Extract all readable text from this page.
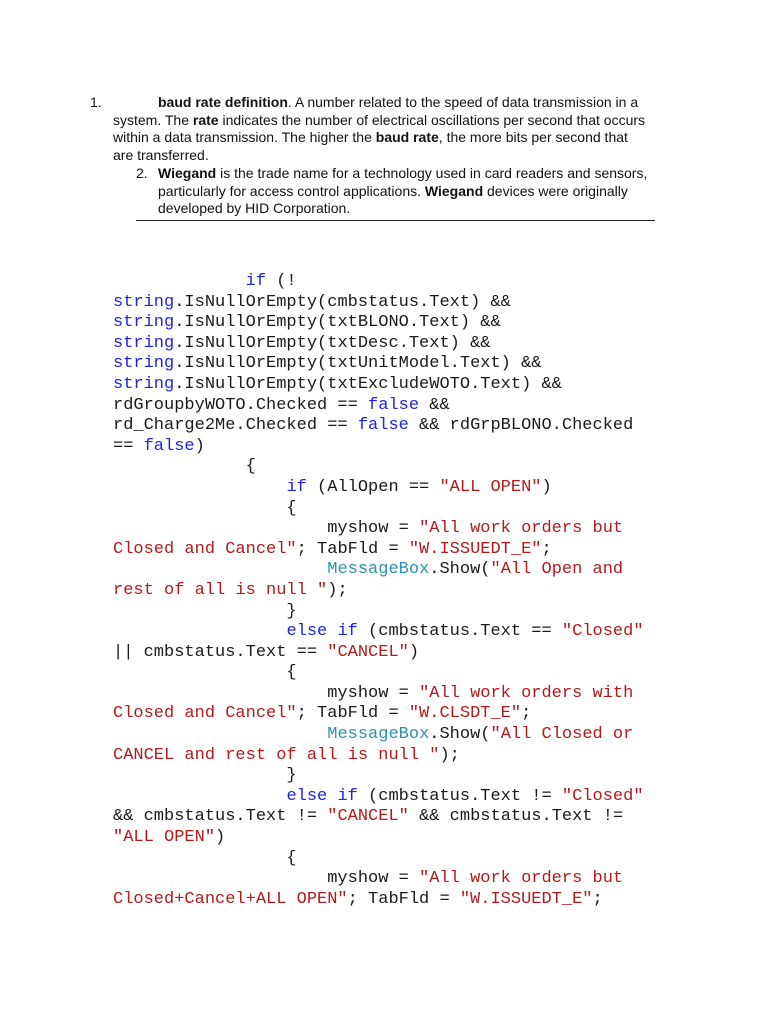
1.	baud rate definition. A number related to the speed of data transmission in a system. The rate indicates the number of electrical oscillations per second that occurs within a data transmission. The higher the baud rate, the more bits per second that are transferred.
2. Wiegand is the trade name for a technology used in card readers and sensors, particularly for access control applications. Wiegand devices were originally developed by HID Corporation.
if (!
string.IsNullOrEmpty(cmbstatus.Text) &&
string.IsNullOrEmpty(txtBLONO.Text) &&
string.IsNullOrEmpty(txtDesc.Text) &&
string.IsNullOrEmpty(txtUnitModel.Text) &&
string.IsNullOrEmpty(txtExcludeWOTO.Text) &&
rdGroupbyWOTO.Checked == false &&
rd_Charge2Me.Checked == false && rdGrpBLONO.Checked
== false)
{
if (AllOpen == "ALL OPEN")
{
myshow = "All work orders but
Closed and Cancel"; TabFld = "W.ISSUEDT_E";
MessageBox.Show("All Open and
rest of all is null ");
}
else if (cmbstatus.Text == "Closed"
|| cmbstatus.Text == "CANCEL")
{
myshow = "All work orders with
Closed and Cancel"; TabFld = "W.CLSDT_E";
MessageBox.Show("All Closed or
CANCEL and rest of all is null ");
}
else if (cmbstatus.Text != "Closed"
&& cmbstatus.Text != "CANCEL" && cmbstatus.Text !=
"ALL OPEN")
{
myshow = "All work orders but
Closed+Cancel+ALL OPEN"; TabFld = "W.ISSUEDT_E";
